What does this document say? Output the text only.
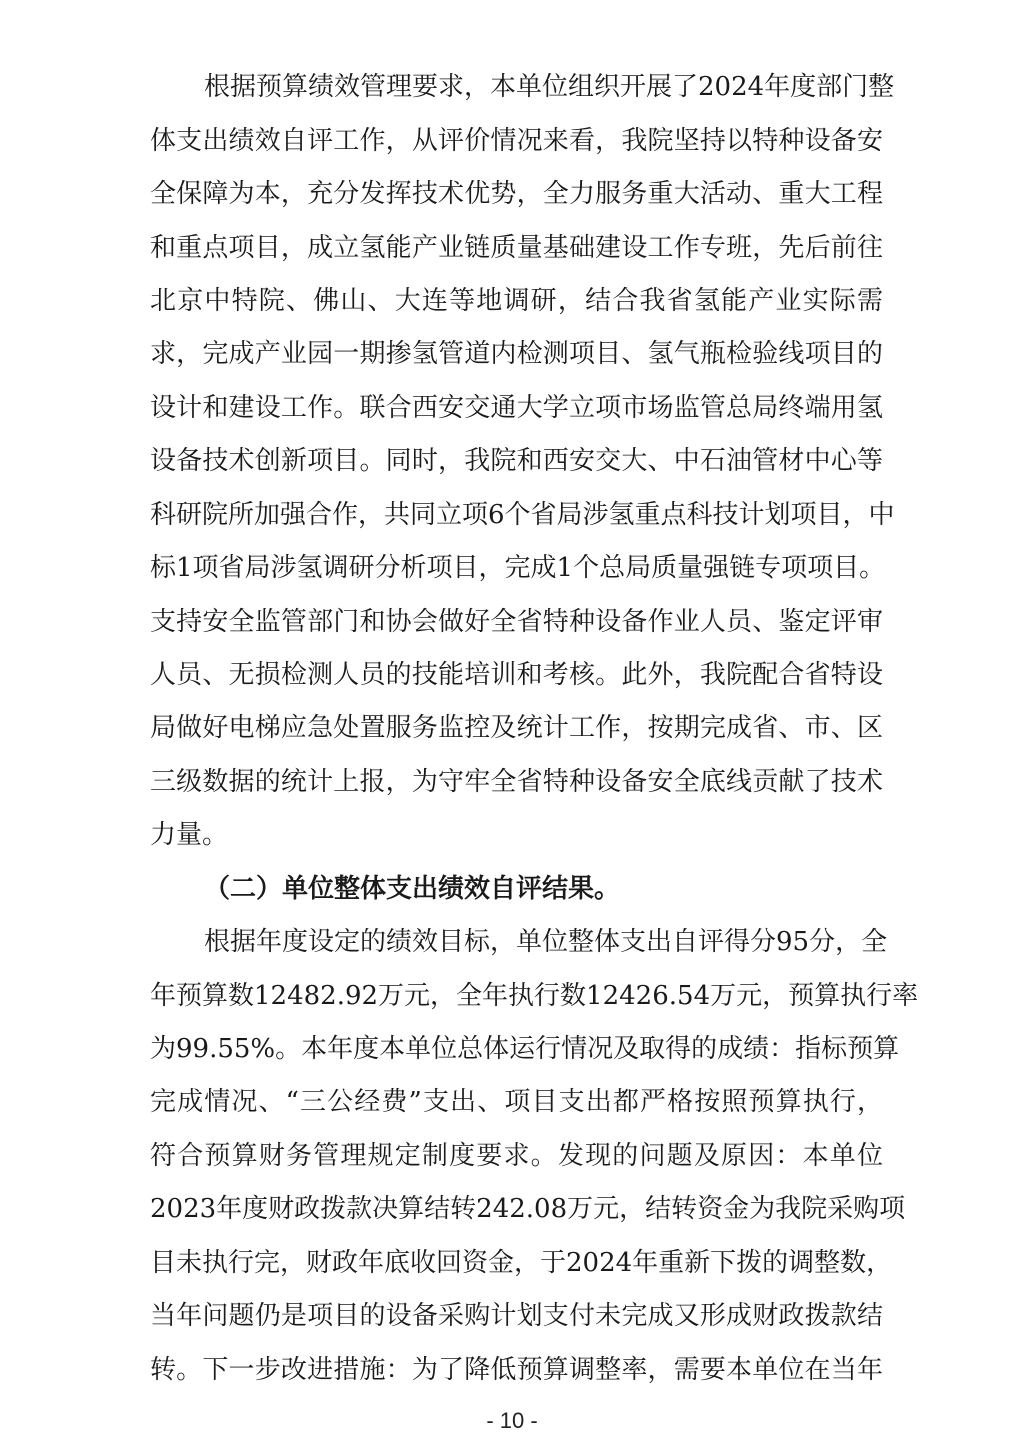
根据预算绩效管理要求，本单位组织开展了2024年度部门整
体支出绩效自评工作，从评价情况来看，我院坚持以特种设备安
全保障为本，充分发挥技术优势，全力服务重大活动、重大工程
和重点项目，成立氢能产业链质量基础建设工作专班，先后前往
北京中特院、佛山、大连等地调研，结合我省氢能产业实际需
求，完成产业园一期掺氢管道内检测项目、氢气瓶检验线项目的
设计和建设工作。联合西安交通大学立项市场监管总局终端用氢
设备技术创新项目。同时，我院和西安交大、中石油管材中心等
科研院所加强合作，共同立项6个省局涉氢重点科技计划项目，中
标1项省局涉氢调研分析项目，完成1个总局质量强链专项项目。
支持安全监管部门和协会做好全省特种设备作业人员、鉴定评审
人员、无损检测人员的技能培训和考核。此外，我院配合省特设
局做好电梯应急处置服务监控及统计工作，按期完成省、市、区
三级数据的统计上报，为守牢全省特种设备安全底线贡献了技术
力量。
（二）单位整体支出绩效自评结果。
根据年度设定的绩效目标，单位整体支出自评得分95分，全
年预算数12482.92万元，全年执行数12426.54万元，预算执行率
为99.55%。本年度本单位总体运行情况及取得的成绩：指标预算
完成情况、“三公经费”支出、项目支出都严格按照预算执行，
符合预算财务管理规定制度要求。发现的问题及原因：本单位
2023年度财政拨款决算结转242.08万元，结转资金为我院采购项
目未执行完，财政年底收回资金，于2024年重新下拨的调整数，
当年问题仍是项目的设备采购计划支付未完成又形成财政拨款结
转。下一步改进措施：为了降低预算调整率，需要本单位在当年
- 10 -
